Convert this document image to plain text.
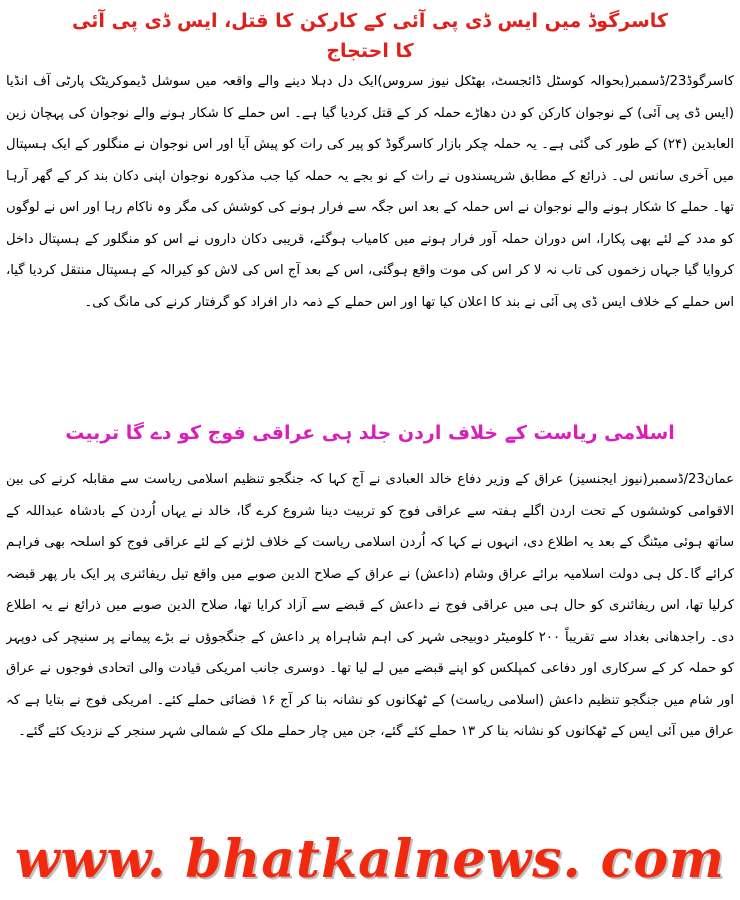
کاسرگوڈ میں ایس ڈی پی آئی کے کارکن کا قتل، ایس ڈی پی آئی کا احتجاج

کاسرگوڈ23/ڈسمبر(بحوالہ کوسٹل ڈائجسٹ، بھٹکل نیوز سروس)ایک دل دہلا دینے والے واقعہ میں سوشل ڈیموکریٹک پارٹی آف انڈیا (ایس ڈی پی آئی) کے نوجوان کارکن کو دن دھاڑے حملہ کر کے قتل کردیا گیا ہے۔ اس حملے کا شکار ہونے والے نوجوان کی پہچان زین العابدین (۲۴) کے طور کی گئی ہے۔ یہ حملہ چکر بازار کاسرگوڈ کو پیر کی رات کو پیش آیا اور اس نوجوان نے منگلور کے ایک ہسپتال میں آخری سانس لی۔ ذرائع کے مطابق شرپسندوں نے رات کے نو بجے یہ حملہ کیا جب مذکورہ نوجوان اپنی دکان بند کر کے گھر آرہا تھا۔ حملے کا شکار ہونے والے نوجوان نے اس حملہ کے بعد اس جگہ سے فرار ہونے کی کوشش کی مگر وہ ناکام رہا اور اس نے لوگوں کو مدد کے لئے بھی پکارا، اس دوران حملہ آور فرار ہونے میں کامیاب ہوگئے، قریبی دکان داروں نے اس کو منگلور کے ہسپتال داخل کروایا گیا جہاں زخموں کی تاب نہ لا کر اس کی موت واقع ہوگئی، اس کے بعد آج اس کی لاش کو کیرالہ کے ہسپتال منتقل کردیا گیا، اس حملے کے خلاف ایس ڈی پی آئی نے بند کا اعلان کیا تھا اور اس حملے کے ذمہ دار افراد کو گرفتار کرنے کی مانگ کی۔

اسلامی ریاست کے خلاف اردن جلد ہی عراقی فوج کو دے گا تربیت

عمان23/ڈسمبر(نیوز ایجنسیز) عراق کے وزیر دفاع خالد العبادی نے آج کہا کہ جنگجو تنظیم اسلامی ریاست سے مقابلہ کرنے کی بین الاقوامی کوششوں کے تحت اردن اگلے ہفتہ سے عراقی فوج کو تربیت دینا شروع کرے گا، خالد نے یہاں اُردن کے بادشاہ عبداللہ کے ساتھ ہوئی میٹنگ کے بعد یہ اطلاع دی، انہوں نے کہا کہ اُردن اسلامی ریاست کے خلاف لڑنے کے لئے عراقی فوج کو اسلحہ بھی فراہم کرائے گا۔کل ہی دولت اسلامیہ برائے عراق وشام (داعش) نے عراق کے صلاح الدین صوبے میں واقع تیل ریفائنری پر ایک بار پھر قبضہ کرلیا تھا، اس ریفائنری کو حال ہی میں عراقی فوج نے داعش کے قبضے سے آزاد کرایا تھا، صلاح الدین صوبے میں ذرائع نے یہ اطلاع دی۔ راجدھانی بغداد سے تقریباً ۲۰۰ کلومیٹر دوبیجی شہر کی اہم شاہراہ پر داعش کے جنگجوؤں نے بڑے پیمانے پر سنیچر کی دوپہر کو حملہ کر کے سرکاری اور دفاعی کمپلکس کو اپنے قبضے میں لے لیا تھا۔ دوسری جانب امریکی قیادت والی اتحادی فوجوں نے عراق اور شام میں جنگجو تنظیم داعش (اسلامی ریاست) کے ٹھکانوں کو نشانہ بنا کر آج ۱۶ فضائی حملے کئے۔ امریکی فوج نے بتایا ہے کہ عراق میں آئی ایس کے ٹھکانوں کو نشانہ بنا کر ۱۳ حملے کئے گئے، جن میں چار حملے ملک کے شمالی شہر سنجر کے نزدیک کئے گئے۔

www. bhatkalnews. com
